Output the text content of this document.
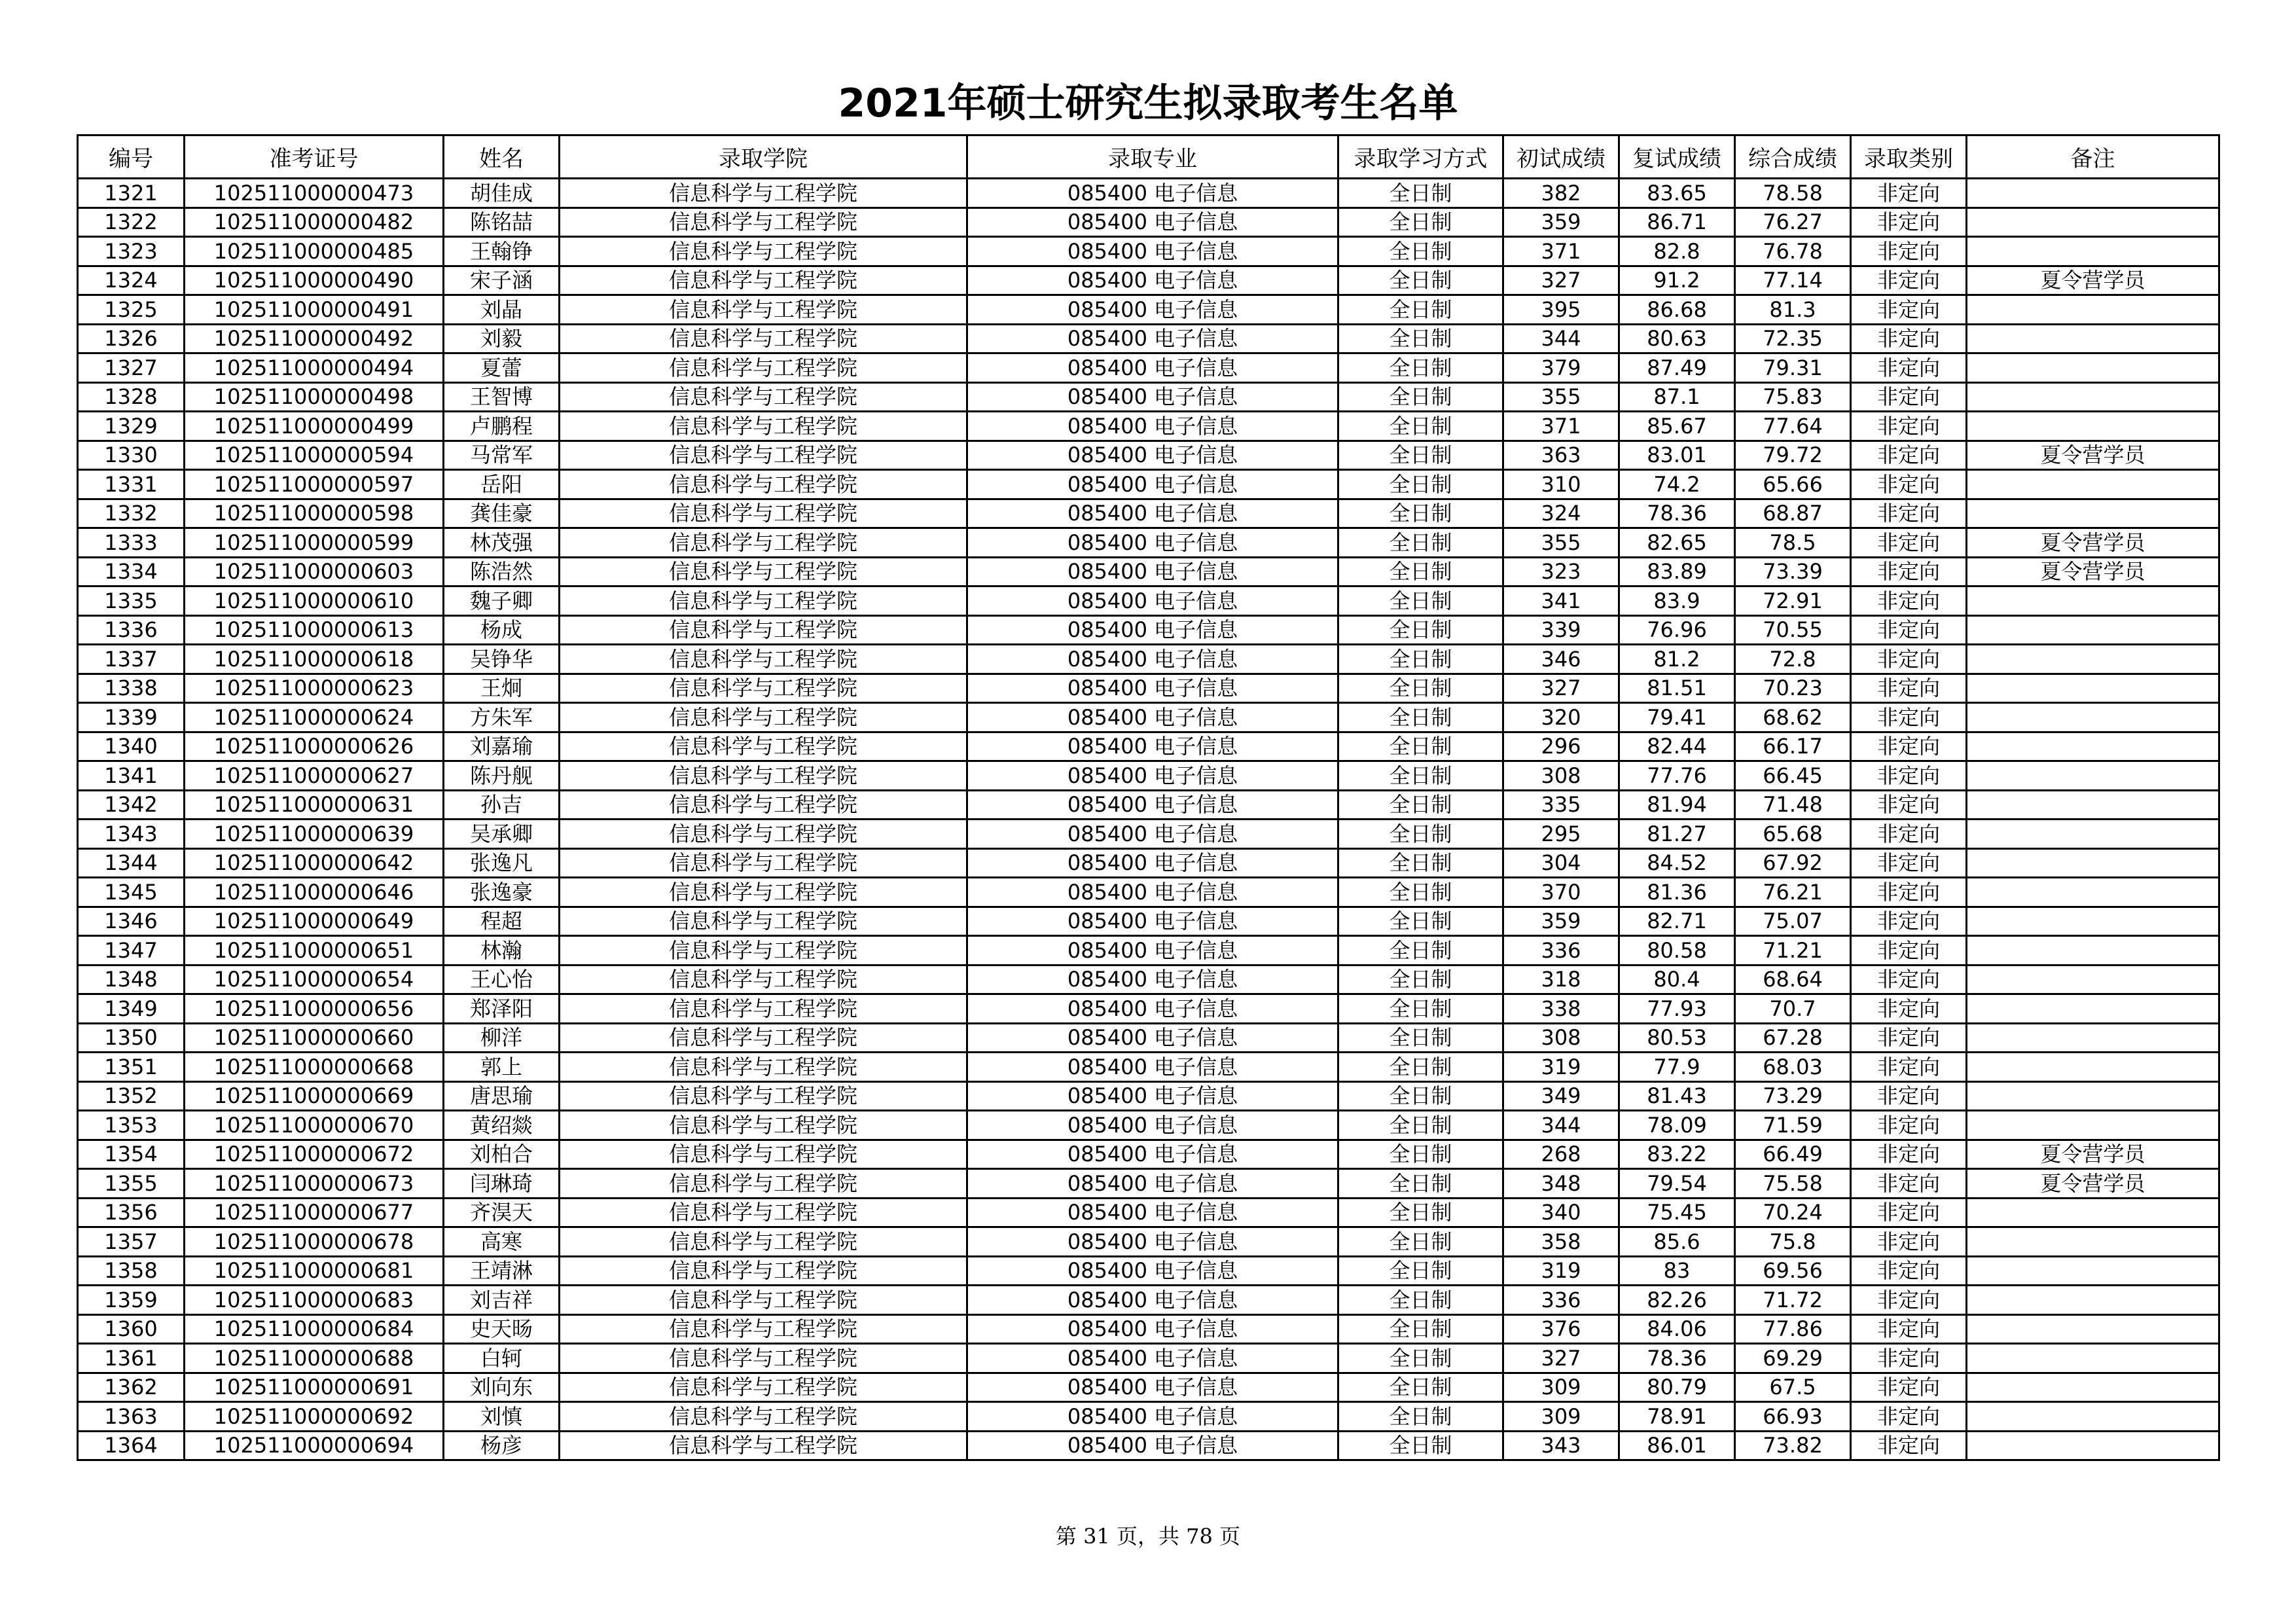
2021年硕士研究生拟录取考生名单
编号	准考证号	姓名	录取学院	录取专业	录取学习方式	初试成绩	复试成绩	综合成绩	录取类别	备注
1321	102511000000473	胡佳成	信息科学与工程学院	085400 电子信息	全日制	382	83.65	78.58	非定向	
1322	102511000000482	陈铭喆	信息科学与工程学院	085400 电子信息	全日制	359	86.71	76.27	非定向	
1323	102511000000485	王翰铮	信息科学与工程学院	085400 电子信息	全日制	371	82.8	76.78	非定向	
1324	102511000000490	宋子涵	信息科学与工程学院	085400 电子信息	全日制	327	91.2	77.14	非定向	夏令营学员
1325	102511000000491	刘晶	信息科学与工程学院	085400 电子信息	全日制	395	86.68	81.3	非定向	
1326	102511000000492	刘毅	信息科学与工程学院	085400 电子信息	全日制	344	80.63	72.35	非定向	
1327	102511000000494	夏蕾	信息科学与工程学院	085400 电子信息	全日制	379	87.49	79.31	非定向	
1328	102511000000498	王智博	信息科学与工程学院	085400 电子信息	全日制	355	87.1	75.83	非定向	
1329	102511000000499	卢鹏程	信息科学与工程学院	085400 电子信息	全日制	371	85.67	77.64	非定向	
1330	102511000000594	马常军	信息科学与工程学院	085400 电子信息	全日制	363	83.01	79.72	非定向	夏令营学员
1331	102511000000597	岳阳	信息科学与工程学院	085400 电子信息	全日制	310	74.2	65.66	非定向	
1332	102511000000598	龚佳豪	信息科学与工程学院	085400 电子信息	全日制	324	78.36	68.87	非定向	
1333	102511000000599	林茂强	信息科学与工程学院	085400 电子信息	全日制	355	82.65	78.5	非定向	夏令营学员
1334	102511000000603	陈浩然	信息科学与工程学院	085400 电子信息	全日制	323	83.89	73.39	非定向	夏令营学员
1335	102511000000610	魏子卿	信息科学与工程学院	085400 电子信息	全日制	341	83.9	72.91	非定向	
1336	102511000000613	杨成	信息科学与工程学院	085400 电子信息	全日制	339	76.96	70.55	非定向	
1337	102511000000618	吴铮华	信息科学与工程学院	085400 电子信息	全日制	346	81.2	72.8	非定向	
1338	102511000000623	王炯	信息科学与工程学院	085400 电子信息	全日制	327	81.51	70.23	非定向	
1339	102511000000624	方朱军	信息科学与工程学院	085400 电子信息	全日制	320	79.41	68.62	非定向	
1340	102511000000626	刘嘉瑜	信息科学与工程学院	085400 电子信息	全日制	296	82.44	66.17	非定向	
1341	102511000000627	陈丹舰	信息科学与工程学院	085400 电子信息	全日制	308	77.76	66.45	非定向	
1342	102511000000631	孙吉	信息科学与工程学院	085400 电子信息	全日制	335	81.94	71.48	非定向	
1343	102511000000639	吴承卿	信息科学与工程学院	085400 电子信息	全日制	295	81.27	65.68	非定向	
1344	102511000000642	张逸凡	信息科学与工程学院	085400 电子信息	全日制	304	84.52	67.92	非定向	
1345	102511000000646	张逸豪	信息科学与工程学院	085400 电子信息	全日制	370	81.36	76.21	非定向	
1346	102511000000649	程超	信息科学与工程学院	085400 电子信息	全日制	359	82.71	75.07	非定向	
1347	102511000000651	林瀚	信息科学与工程学院	085400 电子信息	全日制	336	80.58	71.21	非定向	
1348	102511000000654	王心怡	信息科学与工程学院	085400 电子信息	全日制	318	80.4	68.64	非定向	
1349	102511000000656	郑泽阳	信息科学与工程学院	085400 电子信息	全日制	338	77.93	70.7	非定向	
1350	102511000000660	柳洋	信息科学与工程学院	085400 电子信息	全日制	308	80.53	67.28	非定向	
1351	102511000000668	郭上	信息科学与工程学院	085400 电子信息	全日制	319	77.9	68.03	非定向	
1352	102511000000669	唐思瑜	信息科学与工程学院	085400 电子信息	全日制	349	81.43	73.29	非定向	
1353	102511000000670	黄绍燚	信息科学与工程学院	085400 电子信息	全日制	344	78.09	71.59	非定向	
1354	102511000000672	刘柏合	信息科学与工程学院	085400 电子信息	全日制	268	83.22	66.49	非定向	夏令营学员
1355	102511000000673	闫琳琦	信息科学与工程学院	085400 电子信息	全日制	348	79.54	75.58	非定向	夏令营学员
1356	102511000000677	齐淏天	信息科学与工程学院	085400 电子信息	全日制	340	75.45	70.24	非定向	
1357	102511000000678	高寒	信息科学与工程学院	085400 电子信息	全日制	358	85.6	75.8	非定向	
1358	102511000000681	王靖淋	信息科学与工程学院	085400 电子信息	全日制	319	83	69.56	非定向	
1359	102511000000683	刘吉祥	信息科学与工程学院	085400 电子信息	全日制	336	82.26	71.72	非定向	
1360	102511000000684	史天旸	信息科学与工程学院	085400 电子信息	全日制	376	84.06	77.86	非定向	
1361	102511000000688	白轲	信息科学与工程学院	085400 电子信息	全日制	327	78.36	69.29	非定向	
1362	102511000000691	刘向东	信息科学与工程学院	085400 电子信息	全日制	309	80.79	67.5	非定向	
1363	102511000000692	刘慎	信息科学与工程学院	085400 电子信息	全日制	309	78.91	66.93	非定向	
1364	102511000000694	杨彦	信息科学与工程学院	085400 电子信息	全日制	343	86.01	73.82	非定向	
第 31 页，共 78 页
